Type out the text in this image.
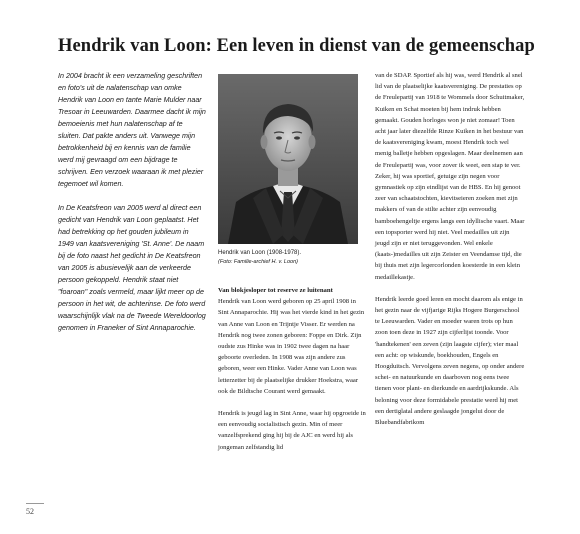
Hendrik van Loon: Een leven in dienst van de gemeenschap

In 2004 bracht ik een verzameling geschriften en foto's uit de nalatenschap van omke Hendrik van Loon en tante Marie Mulder naar Tresoar in Leeuwarden. Daarmee dacht ik mijn bemoeienis met hun nalatenschap af te sluiten. Dat pakte anders uit. Vanwege mijn betrokkenheid bij en kennis van de familie werd mij gevraagd om een bijdrage te schrijven. Een verzoek waaraan ik met plezier tegemoet wil komen.

In De Keatsfreon van 2005 werd al direct een gedicht van Hendrik van Loon geplaatst. Het had betrekking op het gouden jubileum in 1949 van kaatsvereniging 'St. Anne'. De naam bij de foto naast het gedicht in De Keatsfreon van 2005 is abusievelijk aan de verkeerde persoon gekoppeld. Hendrik staat niet "foaroan" zoals vermeld, maar lijkt meer op de persoon in het wit, de achterinse. De foto werd waarschijnlijk vlak na de Tweede Wereldoorlog genomen in Franeker of Sint Annaparochie.

Hendrik van Loon (1908-1978).
(Foto: Familie-archief H. v. Loon)
Van blokjesloper tot reserve ze luitenant

Hendrik van Loon werd geboren op 25 april 1908 in Sint Annaparochie. Hij was het vierde kind in het gezin van Anne van Loon en Trijntje Visser. Er werden na Hendrik nog twee zonen geboren: Foppe en Dirk. Zijn oudste zus Hinke was in 1902 twee dagen na haar geboorte overleden. In 1908 was zijn andere zus geboren, weer een Hinke. Vader Anne van Loon was letterzetter bij de plaatselijke drukker Hoekstra, waar ook de Bildtsche Courant werd gemaakt.

Hendrik is jeugd lag in Sint Anne, waar hij opgroeide in een eenvoudig socialistisch gezin. Min of meer vanzelfsprekend ging hij bij de AJC en werd hij als jongeman zelfstandig lid

van de SDAP. Sportief als hij was, werd Hendrik al snel lid van de plaatselijke kaatsvereniging. De prestaties op de Freulepartij van 1918 te Wommels door Schuitmaker, Kuiken en Schat moeten bij hem indruk hebben gemaakt. Gouden horloges won je niet zomaar! Toen acht jaar later diezelfde Rinze Kuiken in het bestuur van de kaatsvereniging kwam, moest Hendrik toch wel menig balletje hebben opgeslagen. Maar deelnemen aan de Freulepartij was, voor zover ik weet, een stap te ver. Zeker, hij was sportief, getuige zijn negen voor gymnastiek op zijn eindlijst van de HBS. En hij genoot zeer van schaatstochten, kievitseieren zoeken met zijn makkers of van de stilte achter zijn eenvoudig bamboehengeltje ergens langs een idyllische vaart. Maar een topsporter werd hij niet. Veel medailles uit zijn jeugd zijn er niet teruggevonden. Wel enkele (kaats-)medailles uit zijn Zeister en Veendamse tijd, die bij thuis met zijn legercorlonden koesterde in een klein medaillekastje.

Hendrik leerde goed leren en mocht daarom als enige in het gezin naar de vijfjarige Rijks Hogere Burgerschool te Leeuwarden. Vader en moeder waren trots op hun zoon toen deze in 1927 zijn cijferlijst toonde. Voor 'handtekenen' een zeven (zijn laagste cijfer); vier maal een acht: op wiskunde, boekhouden, Engels en Hoogduitsch. Vervolgens zeven negens, op onder andere schei- en natuurkunde en daarboven nog eens twee tienen voor plant- en dierkunde en aardrijkskunde. Als beloning voor deze formidabele prestatie werd hij met een dertiglatal andere geslaagde jongelui door de Bluebandfabrikom

52
